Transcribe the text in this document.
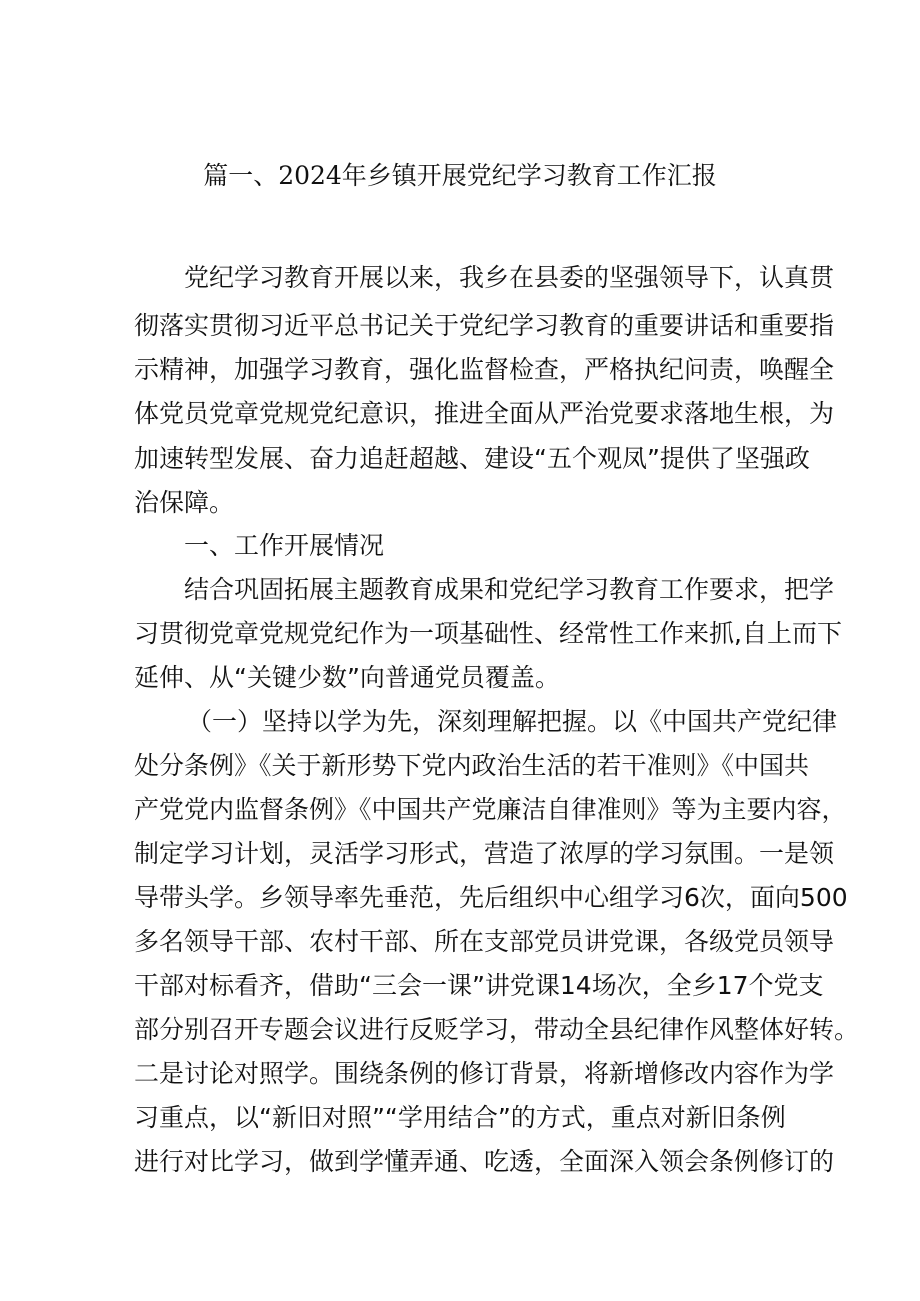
篇一、2024年乡镇开展党纪学习教育工作汇报
党纪学习教育开展以来，我乡在县委的坚强领导下，认真贯
彻落实贯彻习近平总书记关于党纪学习教育的重要讲话和重要指
示精神，加强学习教育，强化监督检查，严格执纪问责，唤醒全
体党员党章党规党纪意识，推进全面从严治党要求落地生根，为
加速转型发展、奋力追赶超越、建设“五个观凤”提供了坚强政
治保障。
一、工作开展情况
结合巩固拓展主题教育成果和党纪学习教育工作要求，把学
习贯彻党章党规党纪作为一项基础性、经常性工作来抓,自上而下
延伸、从“关键少数”向普通党员覆盖。
（一）坚持以学为先，深刻理解把握。以《中国共产党纪律
处分条例》《关于新形势下党内政治生活的若干准则》《中国共
产党党内监督条例》《中国共产党廉洁自律准则》等为主要内容，
制定学习计划，灵活学习形式，营造了浓厚的学习氛围。一是领
导带头学。乡领导率先垂范，先后组织中心组学习6次，面向500
多名领导干部、农村干部、所在支部党员讲党课，各级党员领导
干部对标看齐，借助“三会一课”讲党课14场次，全乡17个党支
部分别召开专题会议进行反贬学习，带动全县纪律作风整体好转。
二是讨论对照学。围绕条例的修订背景，将新增修改内容作为学
习重点，以“新旧对照”“学用结合”的方式，重点对新旧条例
进行对比学习，做到学懂弄通、吃透，全面深入领会条例修订的
